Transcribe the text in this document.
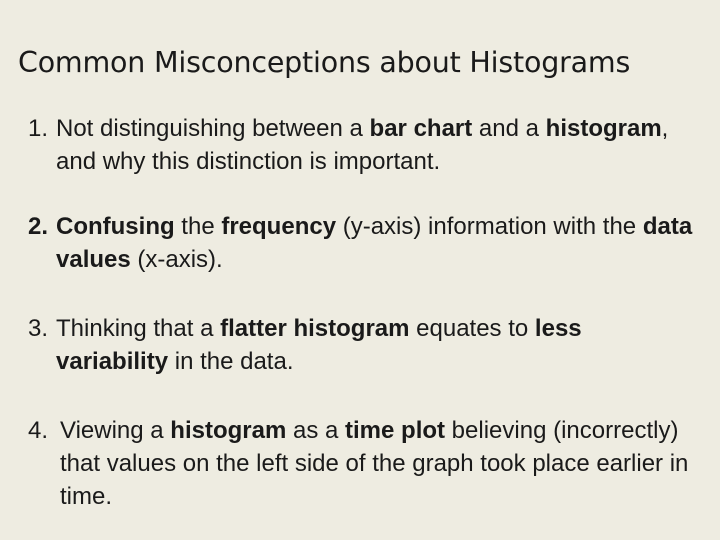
Common Misconceptions about Histograms
1. Not distinguishing between a bar chart and a histogram, and why this distinction is important.
2. Confusing the frequency (y-axis) information with the data values (x-axis).
3. Thinking that a flatter histogram equates to less variability in the data.
4. Viewing a histogram as a time plot believing (incorrectly) that values on the left side of the graph took place earlier in time.
